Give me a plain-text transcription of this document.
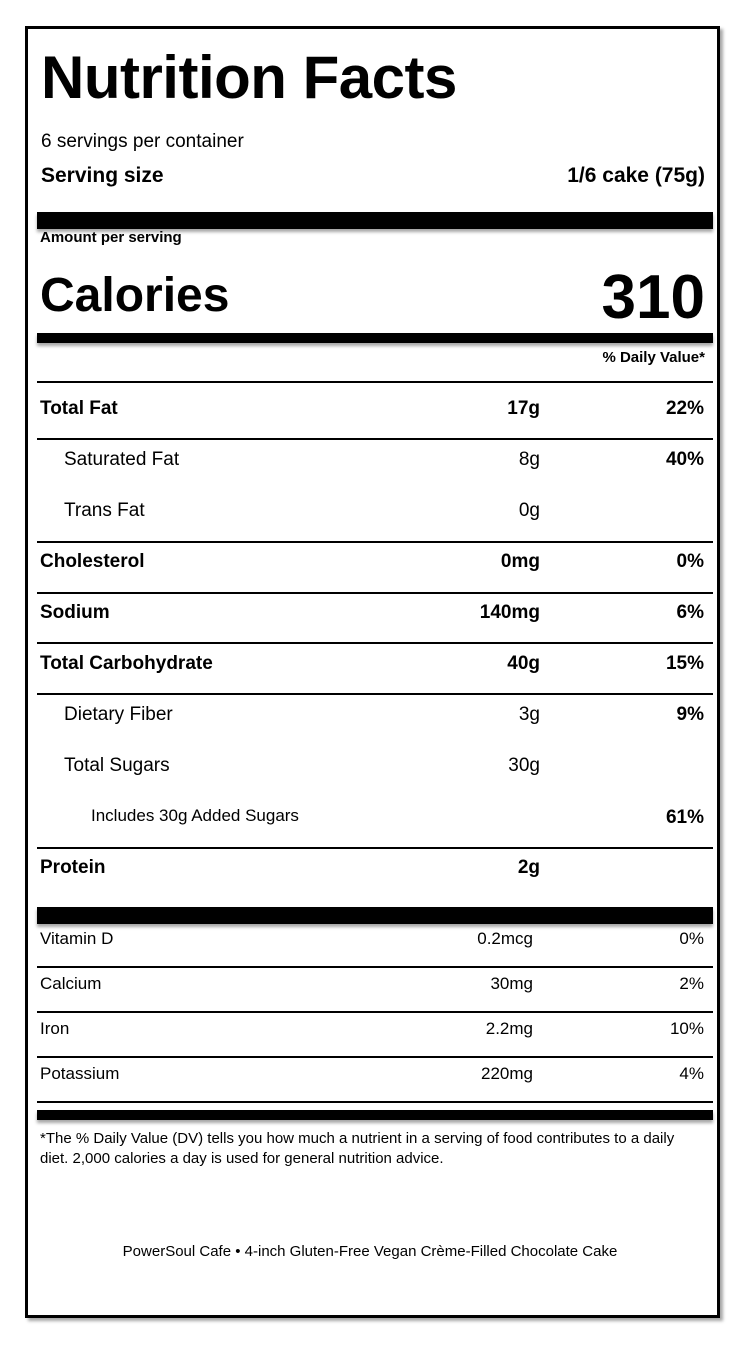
Nutrition Facts
6 servings per container
Serving size	1/6 cake (75g)
Amount per serving
Calories	310
% Daily Value*
Total Fat	17g	22%
Saturated Fat	8g	40%
Trans Fat	0g
Cholesterol	0mg	0%
Sodium	140mg	6%
Total Carbohydrate	40g	15%
Dietary Fiber	3g	9%
Total Sugars	30g
Includes 30g Added Sugars	61%
Protein	2g
Vitamin D	0.2mcg	0%
Calcium	30mg	2%
Iron	2.2mg	10%
Potassium	220mg	4%
*The % Daily Value (DV) tells you how much a nutrient in a serving of food contributes to a daily diet. 2,000 calories a day is used for general nutrition advice.
PowerSoul Cafe • 4-inch Gluten-Free Vegan Crème-Filled Chocolate Cake
